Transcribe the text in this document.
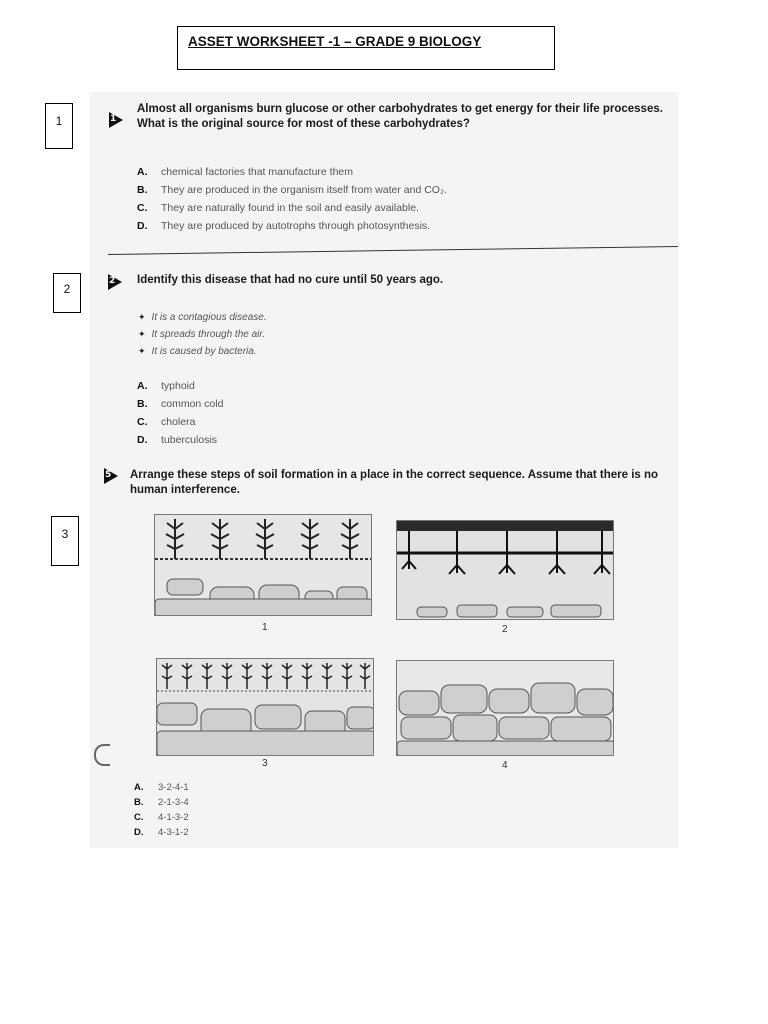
ASSET WORKSHEET -1 – GRADE 9 BIOLOGY
1
2
3
1
Almost all organisms burn glucose or other carbohydrates to get energy for their life processes. What is the original source for most of these carbohydrates?
A. chemical factories that manufacture them
B. They are produced in the organism itself from water and CO₂.
C. They are naturally found in the soil and easily available.
D. They are produced by autotrophs through photosynthesis.
2 Identify this disease that had no cure until 50 years ago.
✦ It is a contagious disease.
✦ It spreads through the air.
✦ It is caused by bacteria.
A. typhoid
B. common cold
C. cholera
D. tuberculosis
5 Arrange these steps of soil formation in a place in the correct sequence. Assume that there is no human interference.
1	2
3	4
A. 3-2-4-1
B. 2-1-3-4
C. 4-1-3-2
D. 4-3-1-2
